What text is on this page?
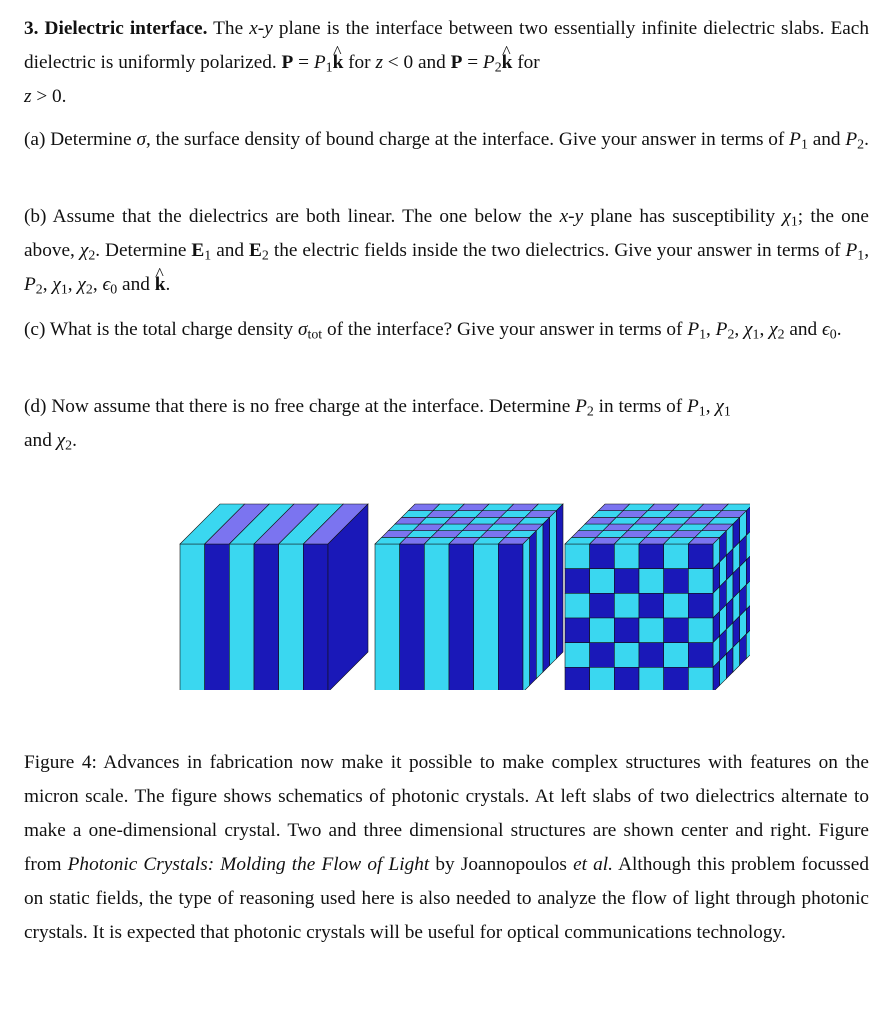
3. Dielectric interface. The x-y plane is the interface between two essentially infinite dielectric slabs. Each dielectric is uniformly polarized. $P = P_1k$ ^ for z < 0 and $P = P_2k$ ^ for
z > 0.
(a) Determine σ, the surface density of bound charge at the interface. Give your answer in terms of $P_1$ and $P_2$.
(b) Assume that the dielectrics are both linear. The one below the x-y plane has susceptibility $\chi_1$; the one above, $\chi_2$. Determine $E_1$ and $E_2$ the electric fields inside the two dielectrics. Give your answer in terms of $P_1$, $P_2$, $\chi_1$, $\chi_2$, $\epsilon_0$ and k ^.
(c) What is the total charge density $\sigma_{tot}$ of the interface? Give your answer in terms of $P_1$, $P_2$, $\chi_1$, $\chi_2$ and $\epsilon_0$.
(d) Now assume that there is no free charge at the interface. Determine $P_2$ in terms of $P_1$, $\chi_1$
and $\chi_2$.
Figure 4: Advances in fabrication now make it possible to make complex structures with features on the micron scale. The figure shows schematics of photonic crystals. At left slabs of two dielectrics alternate to make a one-dimensional crystal. Two and three dimensional structures are shown center and right. Figure from Photonic Crystals: Molding the Flow of Light by Joannopoulos et al. Although this problem focussed on static fields, the type of reasoning used here is also needed to analyze the flow of light through photonic crystals. It is expected that photonic crystals will be useful for optical communications technology.
